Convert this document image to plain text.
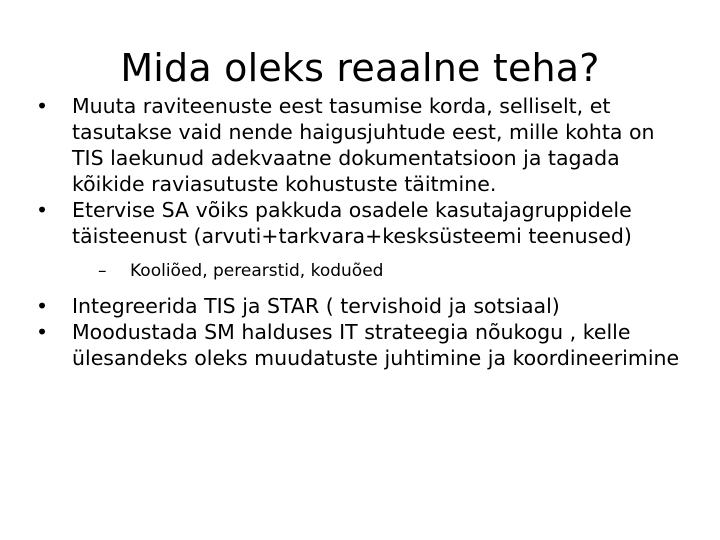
Mida oleks reaalne teha?
•	Muuta raviteenuste eest tasumise korda, selliselt, et tasutakse vaid nende haigusjuhtude eest, mille kohta on TIS laekunud adekvaatne dokumentatsioon ja tagada kõikide raviasutuste kohustuste täitmine.
•	Etervise SA võiks pakkuda osadele kasutajagruppidele täisteenust (arvuti+tarkvara+kesksüsteemi teenused)
– Kooliõed, perearstid, koduõed
•	Integreerida TIS ja STAR ( tervishoid ja sotsiaal)
•	Moodustada SM halduses IT strateegia nõukogu , kelle ülesandeks oleks muudatuste juhtimine ja koordineerimine
